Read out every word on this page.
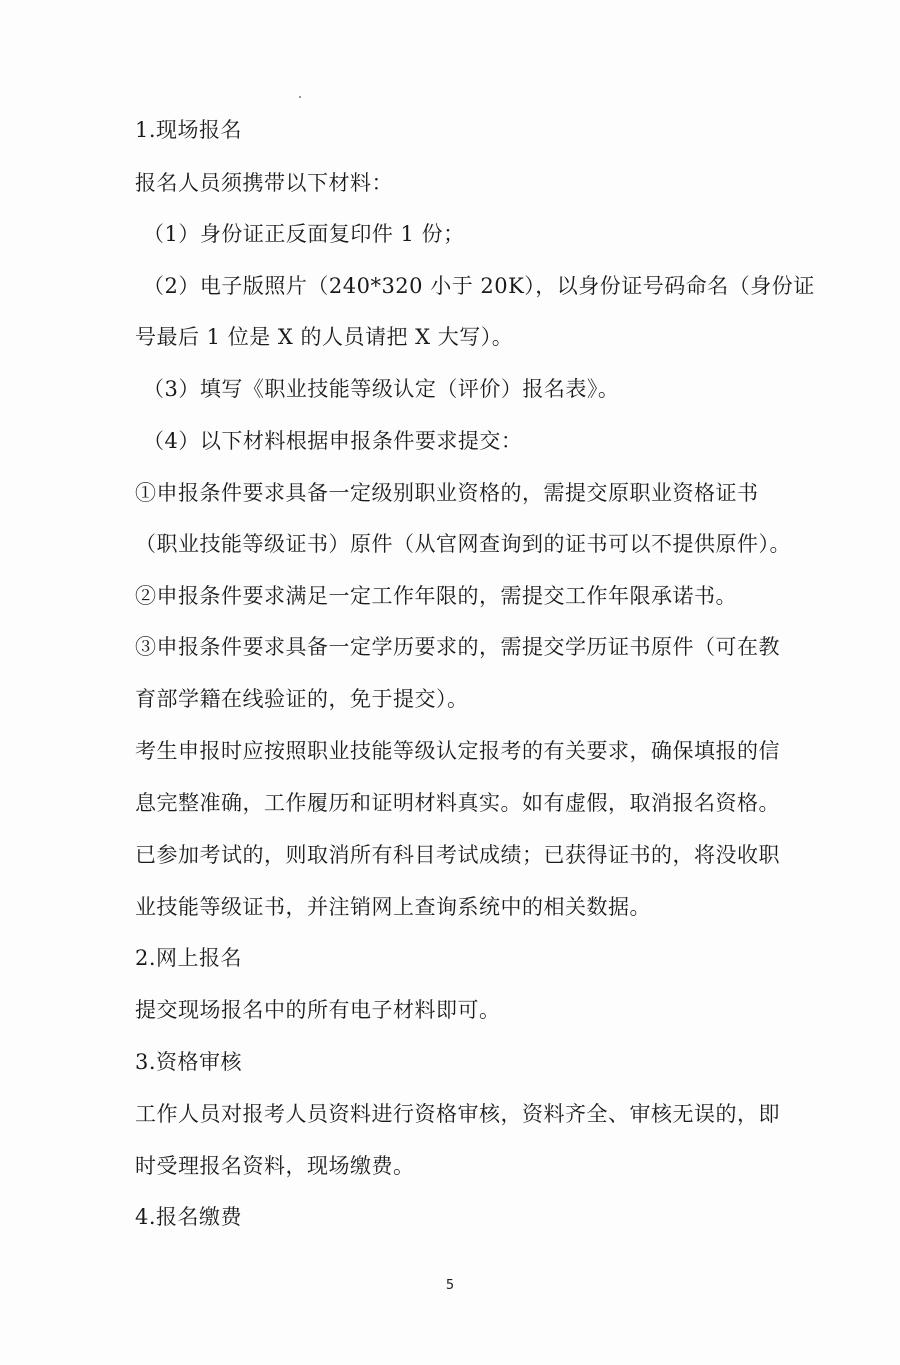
1.现场报名
报名人员须携带以下材料：
（1）身份证正反面复印件 1 份；
（2）电子版照片（240*320 小于 20K），以身份证号码命名（身份证
号最后 1 位是 X 的人员请把 X 大写）。
（3）填写《职业技能等级认定（评价）报名表》。
（4）以下材料根据申报条件要求提交：
①申报条件要求具备一定级别职业资格的，需提交原职业资格证书
（职业技能等级证书）原件（从官网查询到的证书可以不提供原件）。
②申报条件要求满足一定工作年限的，需提交工作年限承诺书。
③申报条件要求具备一定学历要求的，需提交学历证书原件（可在教
育部学籍在线验证的，免于提交）。
考生申报时应按照职业技能等级认定报考的有关要求，确保填报的信
息完整准确，工作履历和证明材料真实。如有虚假，取消报名资格。
已参加考试的，则取消所有科目考试成绩；已获得证书的，将没收职
业技能等级证书，并注销网上查询系统中的相关数据。
2.网上报名
提交现场报名中的所有电子材料即可。
3.资格审核
工作人员对报考人员资料进行资格审核，资料齐全、审核无误的，即
时受理报名资料，现场缴费。
4.报名缴费
5
